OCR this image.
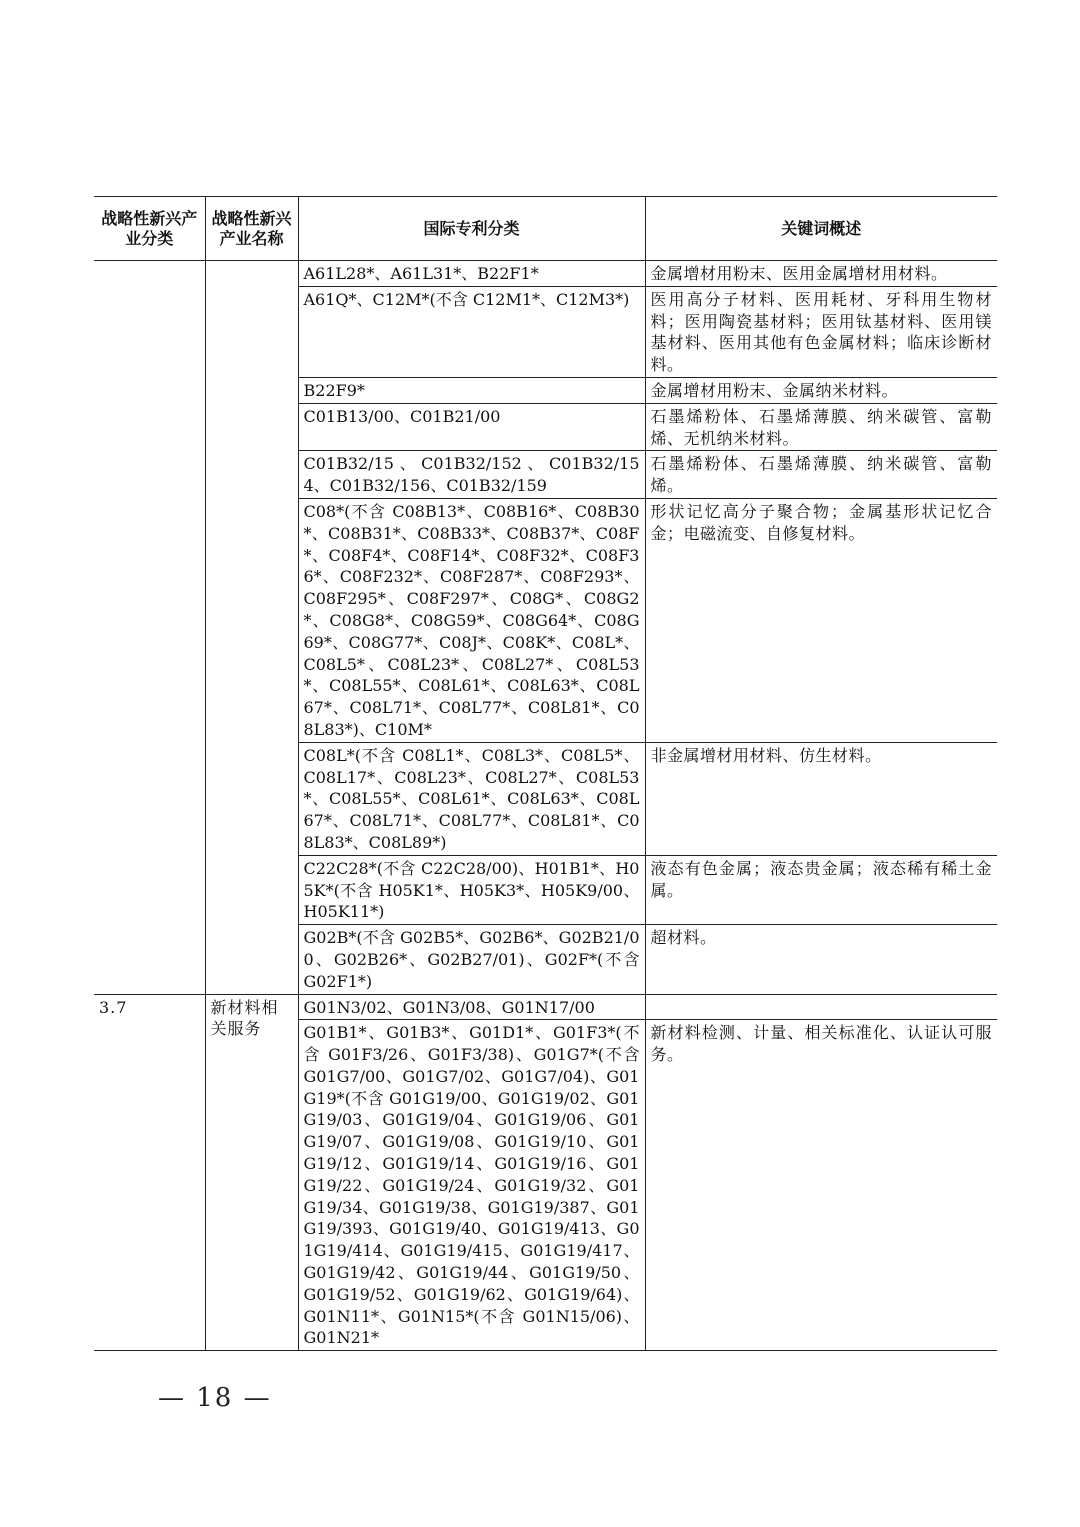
战略性新兴产业分类	战略性新兴产业名称	国际专利分类	关键词概述
		A61L28*、A61L31*、B22F1*	金属增材用粉末、医用金属增材用材料。
		A61Q*、C12M*(不含 C12M1*、C12M3*)	医用高分子材料、医用耗材、牙科用生物材料；医用陶瓷基材料；医用钛基材料、医用镁基材料、医用其他有色金属材料；临床诊断材料。
		B22F9*	金属增材用粉末、金属纳米材料。
		C01B13/00、C01B21/00	石墨烯粉体、石墨烯薄膜、纳米碳管、富勒烯、无机纳米材料。
		C01B32/15、C01B32/152、C01B32/154、C01B32/156、C01B32/159	石墨烯粉体、石墨烯薄膜、纳米碳管、富勒烯。
		C08*(不含 C08B13*、C08B16*、C08B30*、C08B31*、C08B33*、C08B37*、C08F*、C08F4*、C08F14*、C08F32*、C08F36*、C08F232*、C08F287*、C08F293*、C08F295*、C08F297*、C08G*、C08G2*、C08G8*、C08G59*、C08G64*、C08G69*、C08G77*、C08J*、C08K*、C08L*、C08L5*、C08L23*、C08L27*、C08L53*、C08L55*、C08L61*、C08L63*、C08L67*、C08L71*、C08L77*、C08L81*、C08L83*)、C10M*	形状记忆高分子聚合物；金属基形状记忆合金；电磁流变、自修复材料。
		C08L*(不含 C08L1*、C08L3*、C08L5*、C08L17*、C08L23*、C08L27*、C08L53*、C08L55*、C08L61*、C08L63*、C08L67*、C08L71*、C08L77*、C08L81*、C08L83*、C08L89*)	非金属增材用材料、仿生材料。
		C22C28*(不含 C22C28/00)、H01B1*、H05K*(不含 H05K1*、H05K3*、H05K9/00、H05K11*)	液态有色金属；液态贵金属；液态稀有稀土金属。
		G02B*(不含 G02B5*、G02B6*、G02B21/00、G02B26*、G02B27/01)、G02F*(不含 G02F1*)	超材料。
3.7	新材料相关服务	G01N3/02、G01N3/08、G01N17/00	
		G01B1*、G01B3*、G01D1*、G01F3*(不含 G01F3/26、G01F3/38)、G01G7*(不含 G01G7/00、G01G7/02、G01G7/04)、G01G19*(不含 G01G19/00、G01G19/02、G01G19/03、G01G19/04、G01G19/06、G01G19/07、G01G19/08、G01G19/10、G01G19/12、G01G19/14、G01G19/16、G01G19/22、G01G19/24、G01G19/32、G01G19/34、G01G19/38、G01G19/387、G01G19/393、G01G19/40、G01G19/413、G01G19/414、G01G19/415、G01G19/417、G01G19/42、G01G19/44、G01G19/50、G01G19/52、G01G19/62、G01G19/64)、G01N11*、G01N15*(不含 G01N15/06)、G01N21*	新材料检测、计量、相关标准化、认证认可服务。
— 18 —
